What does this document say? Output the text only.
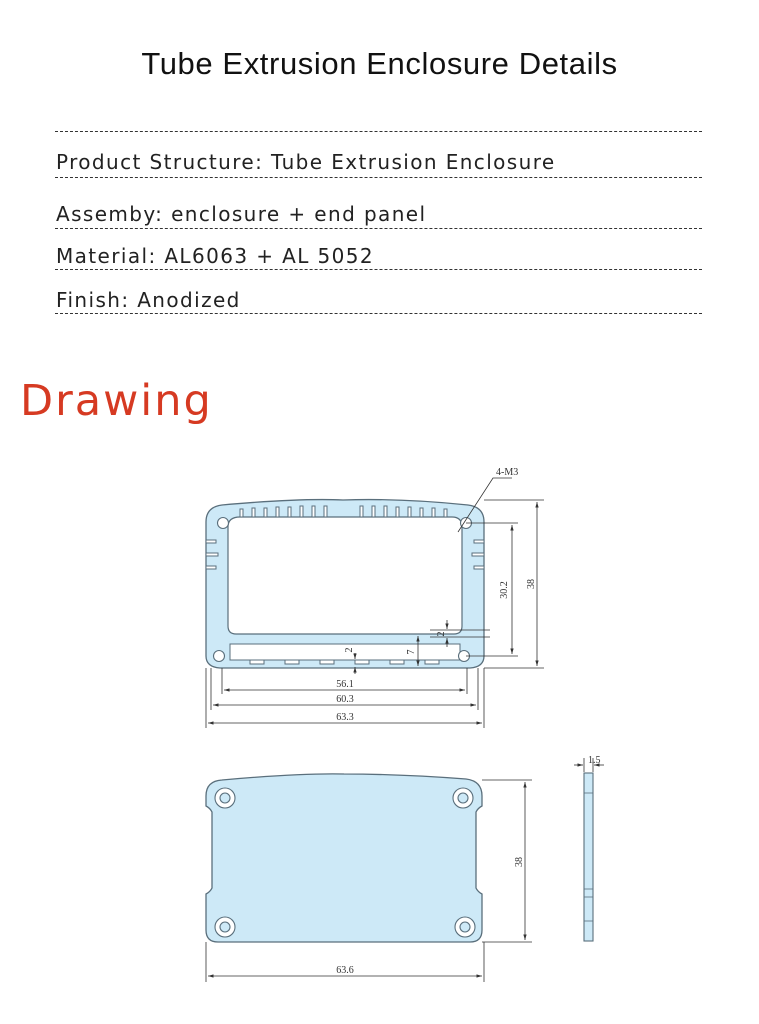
Tube Extrusion Enclosure Details
Product Structure: Tube Extrusion Enclosure
Assemby: enclosure + end panel
Material: AL6063 + AL 5052
Finish: Anodized
Drawing
4-M3
30.2 38
2
7
2
56.1
60.3
63.3
1.5
38
63.6
